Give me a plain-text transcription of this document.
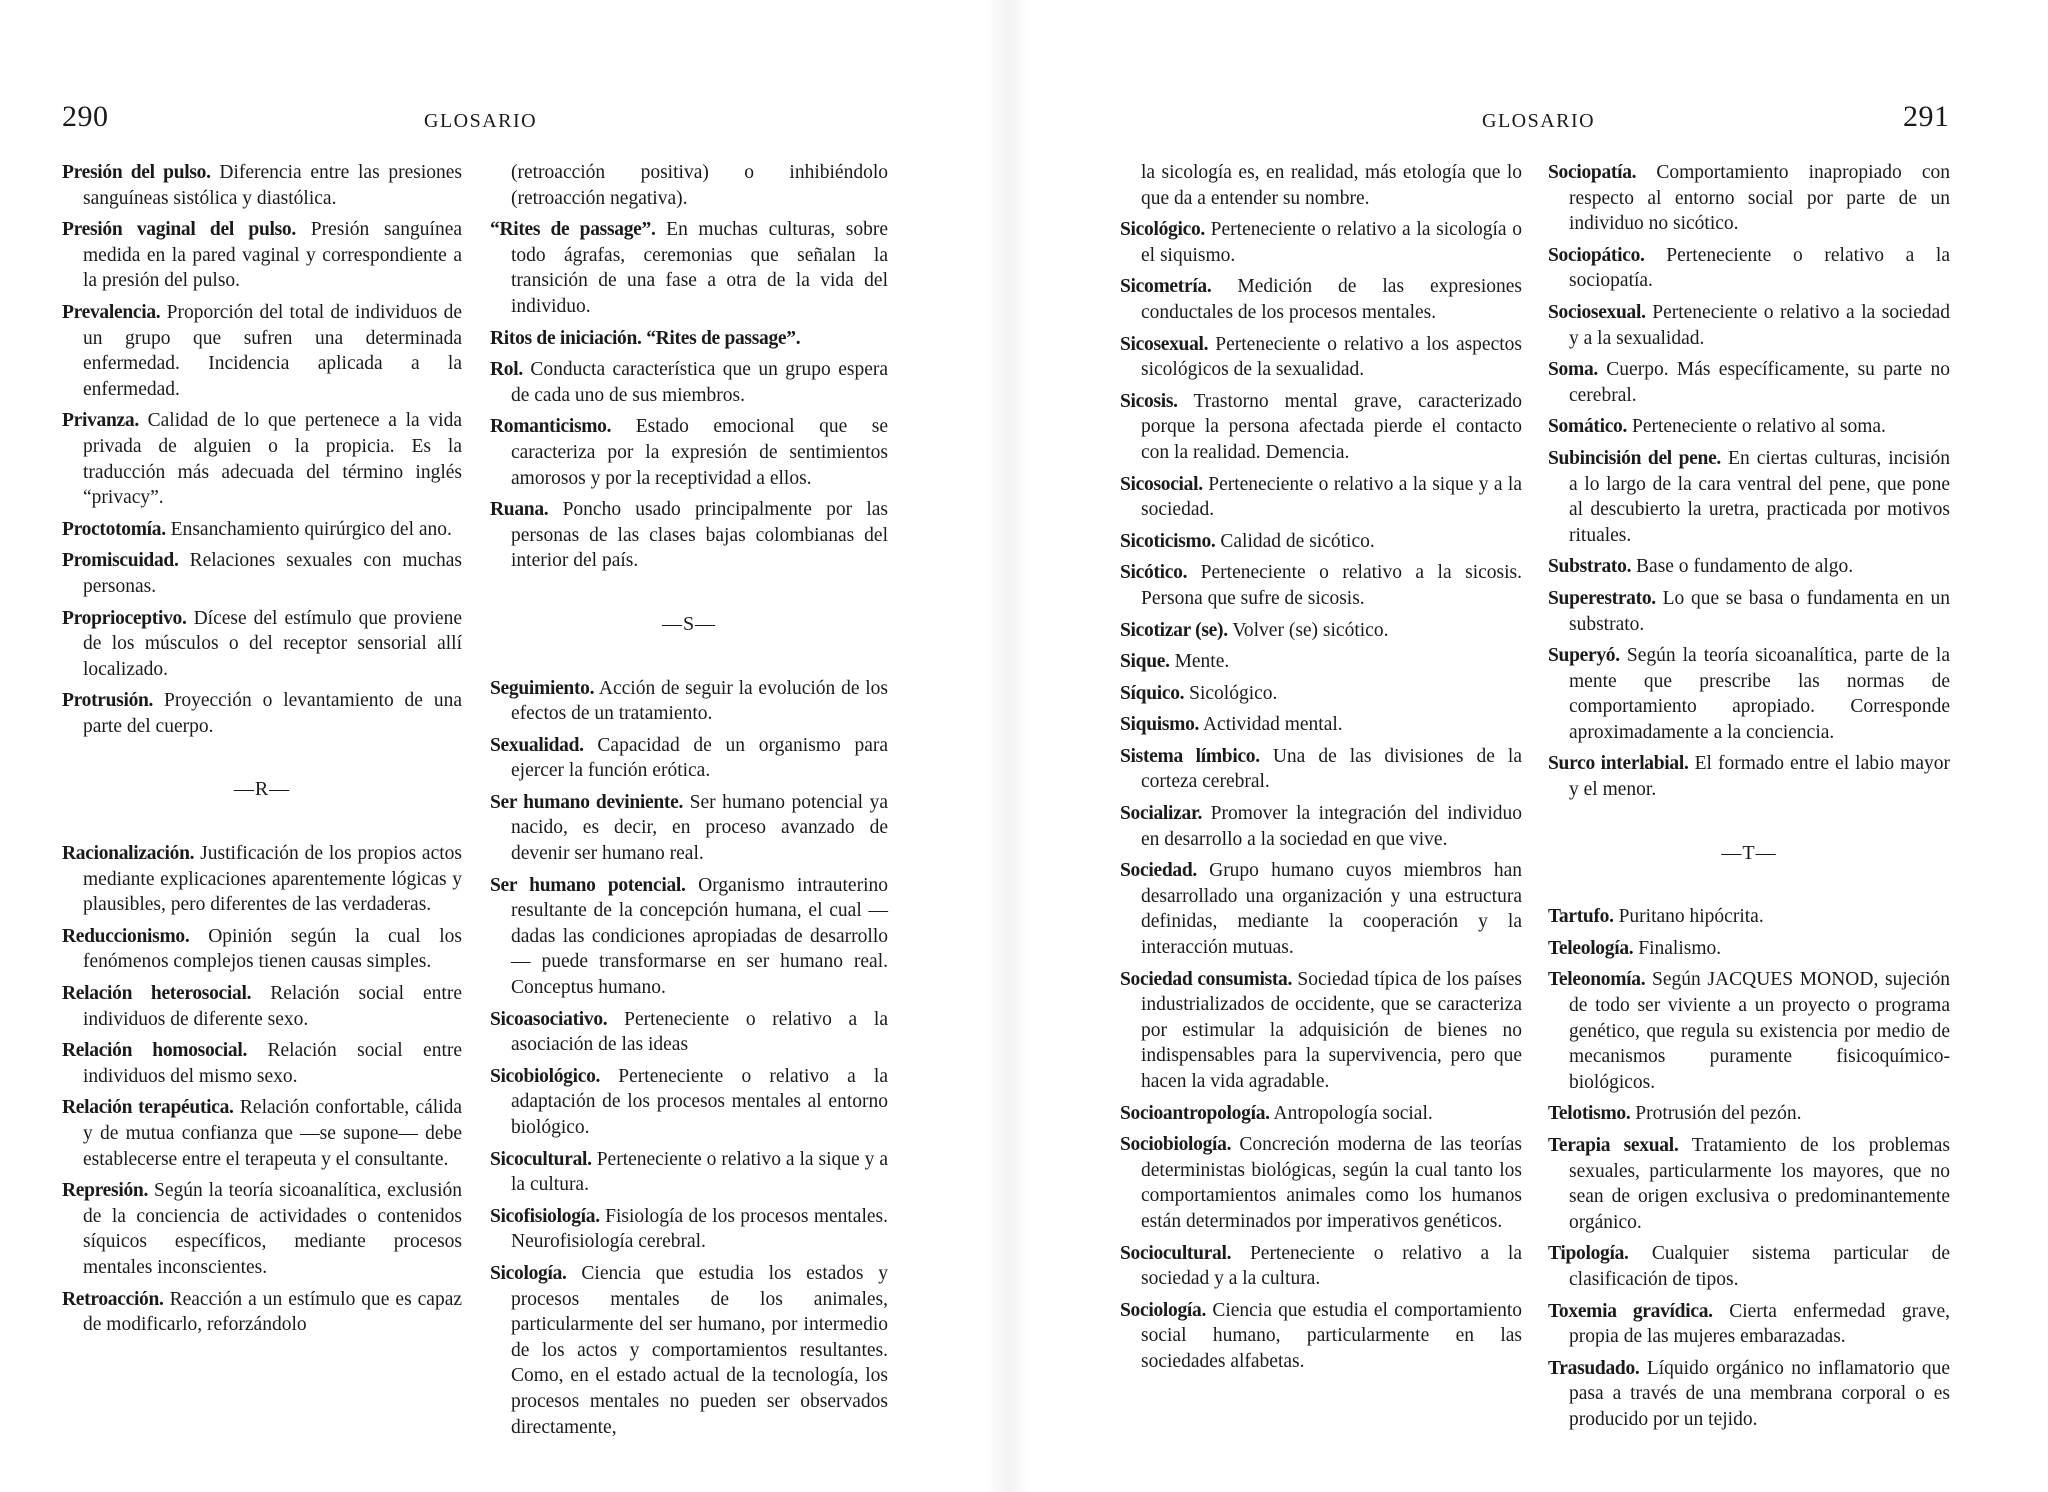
290	GLOSARIO

Presión del pulso. Diferencia entre las presiones sanguíneas sistólica y diastólica.

Presión vaginal del pulso. Presión sanguínea medida en la pared vaginal y correspondiente a la presión del pulso.

Prevalencia. Proporción del total de individuos de un grupo que sufren una determinada enfermedad. Incidencia aplicada a la enfermedad.

Privanza. Calidad de lo que pertenece a la vida privada de alguien o la propicia. Es la traducción más adecuada del término inglés “privacy”.

Proctotomía. Ensanchamiento quirúrgico del ano.

Promiscuidad. Relaciones sexuales con muchas personas.

Proprioceptivo. Dícese del estímulo que proviene de los músculos o del receptor sensorial allí localizado.

Protrusión. Proyección o levantamiento de una parte del cuerpo.

—R—

Racionalización. Justificación de los propios actos mediante explicaciones aparentemente lógicas y plausibles, pero diferentes de las verdaderas.

Reduccionismo. Opinión según la cual los fenómenos complejos tienen causas simples.

Relación heterosocial. Relación social entre individuos de diferente sexo.

Relación homosocial. Relación social entre individuos del mismo sexo.

Relación terapéutica. Relación confortable, cálida y de mutua confianza que —se supone— debe establecerse entre el terapeuta y el consultante.

Represión. Según la teoría sicoanalítica, exclusión de la conciencia de actividades o contenidos síquicos específicos, mediante procesos mentales inconscientes.

Retroacción. Reacción a un estímulo que es capaz de modificarlo, reforzándolo

(retroacción positiva) o inhibiéndolo (retroacción negativa).

“Rites de passage”. En muchas culturas, sobre todo ágrafas, ceremonias que señalan la transición de una fase a otra de la vida del individuo.

Ritos de iniciación. “Rites de passage”.

Rol. Conducta característica que un grupo espera de cada uno de sus miembros.

Romanticismo. Estado emocional que se caracteriza por la expresión de sentimientos amorosos y por la receptividad a ellos.

Ruana. Poncho usado principalmente por las personas de las clases bajas colombianas del interior del país.

—S—

Seguimiento. Acción de seguir la evolución de los efectos de un tratamiento.

Sexualidad. Capacidad de un organismo para ejercer la función erótica.

Ser humano deviniente. Ser humano potencial ya nacido, es decir, en proceso avanzado de devenir ser humano real.

Ser humano potencial. Organismo intrauterino resultante de la concepción humana, el cual —dadas las condiciones apropiadas de desarrollo— puede transformarse en ser humano real. Conceptus humano.

Sicoasociativo. Perteneciente o relativo a la asociación de las ideas

Sicobiológico. Perteneciente o relativo a la adaptación de los procesos mentales al entorno biológico.

Sicocultural. Perteneciente o relativo a la sique y a la cultura.

Sicofisiología. Fisiología de los procesos mentales. Neurofisiología cerebral.

Sicología. Ciencia que estudia los estados y procesos mentales de los animales, particularmente del ser humano, por intermedio de los actos y comportamientos resultantes. Como, en el estado actual de la tecnología, los procesos mentales no pueden ser observados directamente,

GLOSARIO	291

la sicología es, en realidad, más etología que lo que da a entender su nombre.

Sicológico. Perteneciente o relativo a la sicología o el siquismo.

Sicometría. Medición de las expresiones conductales de los procesos mentales.

Sicosexual. Perteneciente o relativo a los aspectos sicológicos de la sexualidad.

Sicosis. Trastorno mental grave, caracterizado porque la persona afectada pierde el contacto con la realidad. Demencia.

Sicosocial. Perteneciente o relativo a la sique y a la sociedad.

Sicoticismo. Calidad de sicótico.

Sicótico. Perteneciente o relativo a la sicosis. Persona que sufre de sicosis.

Sicotizar (se). Volver (se) sicótico.

Sique. Mente.

Síquico. Sicológico.

Siquismo. Actividad mental.

Sistema límbico. Una de las divisiones de la corteza cerebral.

Socializar. Promover la integración del individuo en desarrollo a la sociedad en que vive.

Sociedad. Grupo humano cuyos miembros han desarrollado una organización y una estructura definidas, mediante la cooperación y la interacción mutuas.

Sociedad consumista. Sociedad típica de los países industrializados de occidente, que se caracteriza por estimular la adquisición de bienes no indispensables para la supervivencia, pero que hacen la vida agradable.

Socioantropología. Antropología social.

Sociobiología. Concreción moderna de las teorías deterministas biológicas, según la cual tanto los comportamientos animales como los humanos están determinados por imperativos genéticos.

Sociocultural. Perteneciente o relativo a la sociedad y a la cultura.

Sociología. Ciencia que estudia el comportamiento social humano, particularmente en las sociedades alfabetas.

Sociopatía. Comportamiento inapropiado con respecto al entorno social por parte de un individuo no sicótico.

Sociopático. Perteneciente o relativo a la sociopatía.

Sociosexual. Perteneciente o relativo a la sociedad y a la sexualidad.

Soma. Cuerpo. Más específicamente, su parte no cerebral.

Somático. Perteneciente o relativo al soma.

Subincisión del pene. En ciertas culturas, incisión a lo largo de la cara ventral del pene, que pone al descubierto la uretra, practicada por motivos rituales.

Substrato. Base o fundamento de algo.

Superestrato. Lo que se basa o fundamenta en un substrato.

Superyó. Según la teoría sicoanalítica, parte de la mente que prescribe las normas de comportamiento apropiado. Corresponde aproximadamente a la conciencia.

Surco interlabial. El formado entre el labio mayor y el menor.

—T—

Tartufo. Puritano hipócrita.

Teleología. Finalismo.

Teleonomía. Según JACQUES MONOD, sujeción de todo ser viviente a un proyecto o programa genético, que regula su existencia por medio de mecanismos puramente fisicoquímico-biológicos.

Telotismo. Protrusión del pezón.

Terapia sexual. Tratamiento de los problemas sexuales, particularmente los mayores, que no sean de origen exclusiva o predominantemente orgánico.

Tipología. Cualquier sistema particular de clasificación de tipos.

Toxemia gravídica. Cierta enfermedad grave, propia de las mujeres embarazadas.

Trasudado. Líquido orgánico no inflamatorio que pasa a través de una membrana corporal o es producido por un tejido.
